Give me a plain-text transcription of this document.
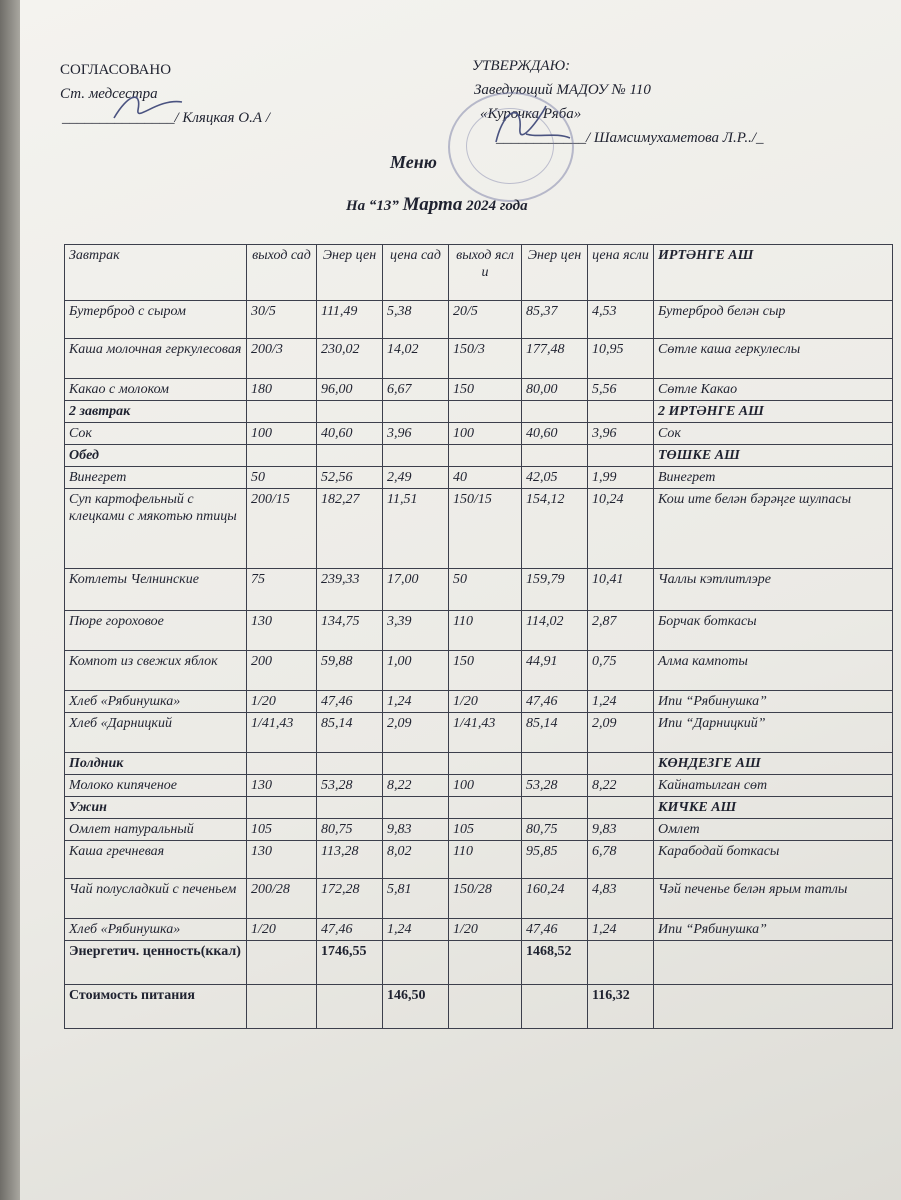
СОГЛАСОВАНО
Ст. медсестра
_______________/ Кляцкая О.А /
УТВЕРЖДАЮ:
Заведующий МАДОУ № 110
«Курочка Ряба»
____________/ Шамсимухаметова Л.Р../_
Меню
На “13” Марта 2024 года
Завтрак	выход сад	Энер цен	цена сад	выход ясли	Энер цен	цена ясли	ИРТӘНГЕ АШ
Бутерброд с сыром	30/5	111,49	5,38	20/5	85,37	4,53	Бутерброд белән сыр
Каша молочная геркулесовая	200/3	230,02	14,02	150/3	177,48	10,95	Сөтле каша геркулеслы
Какао с молоком	180	96,00	6,67	150	80,00	5,56	Сөтле Какао
2 завтрак							2 ИРТӘНГЕ АШ
Сок	100	40,60	3,96	100	40,60	3,96	Сок
Обед							ТӨШКЕ АШ
Винегрет	50	52,56	2,49	40	42,05	1,99	Винегрет
Суп картофельный с клецками с мякотью птицы	200/15	182,27	11,51	150/15	154,12	10,24	Кош ите белән бәрәңге шулпасы
Котлеты Челнинские	75	239,33	17,00	50	159,79	10,41	Чаллы кэтлитлэре
Пюре гороховое	130	134,75	3,39	110	114,02	2,87	Борчак боткасы
Компот из свежих яблок	200	59,88	1,00	150	44,91	0,75	Алма кампоты
Хлеб «Рябинушка»	1/20	47,46	1,24	1/20	47,46	1,24	Ипи “Рябинушка”
Хлеб «Дарницкий	1/41,43	85,14	2,09	1/41,43	85,14	2,09	Ипи “Дарницкий”
Полдник							КӨНДЕЗГЕ АШ
Молоко кипяченое	130	53,28	8,22	100	53,28	8,22	Кайнатылган сөт
Ужин							КИЧКЕ АШ
Омлет натуральный	105	80,75	9,83	105	80,75	9,83	Омлет
Каша гречневая	130	113,28	8,02	110	95,85	6,78	Карабодай боткасы
Чай полусладкий с печеньем	200/28	172,28	5,81	150/28	160,24	4,83	Чәй печенье белән ярым татлы
Хлеб «Рябинушка»	1/20	47,46	1,24	1/20	47,46	1,24	Ипи “Рябинушка”
Энергетич. ценность(ккал)		1746,55			1468,52		
Стоимость питания			146,50			116,32	
